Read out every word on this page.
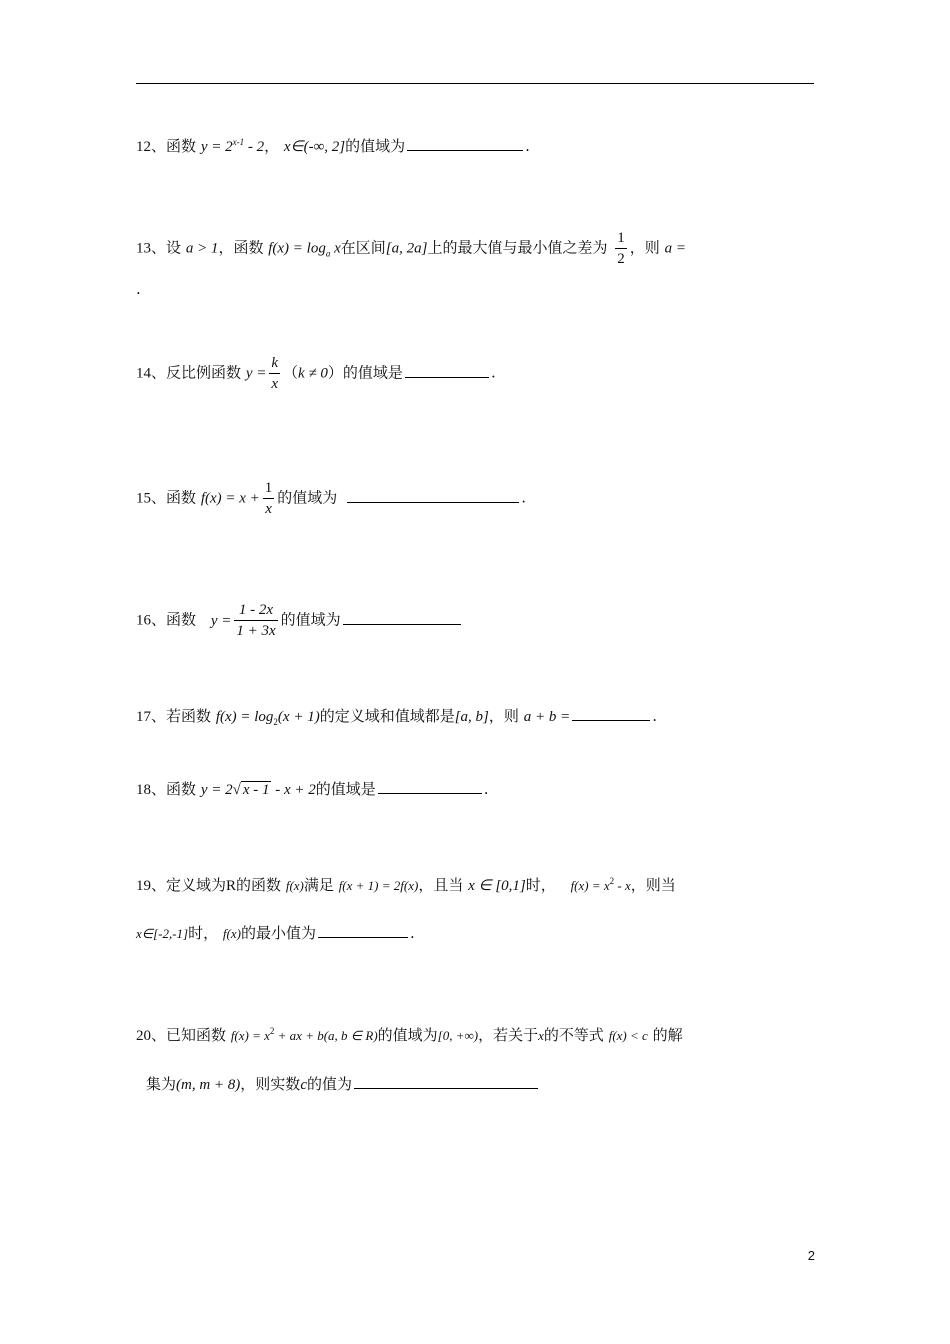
12、函数 $y = 2^{x-1} - 2$， x∈(-∞, 2]的值域为	.
13、设 a > 1，函数 $f(x) = \log_a x$在区间[a, 2a]上的最大值与最小值之差为 $\frac{1}{2}$ ，则 a =
.
14、反比例函数 $y = \frac{k}{x} (k \ne 0)$的值域是	.
15、函数 $f(x) = x + \frac{1}{x}$ 的值域为	.
16、函数 $y = \frac{1 - 2x}{1 + 3x}$ 的值域为
17、若函数 $f(x) = \log_2(x + 1)$的定义域和值域都是[a, b]，则 a + b =	.
18、函数 y = 2√ x - 1 - x + 2的值域是	.
19、定义域为R的函数 f(x)满足 f(x + 1) = 2f(x)，且当 x ∈ [0,1]时， $f(x) = x^2 - x$，则当
x∈[-2,-1]时， f(x)的最小值为	.
20、已知函数 $f(x) = x^2$ + ax + b(a, b ∈ R)的值域为[0, +∞)，若关于x的不等式 f(x) < c 的解
集为(m, m + 8)，则实数c的值为
2
